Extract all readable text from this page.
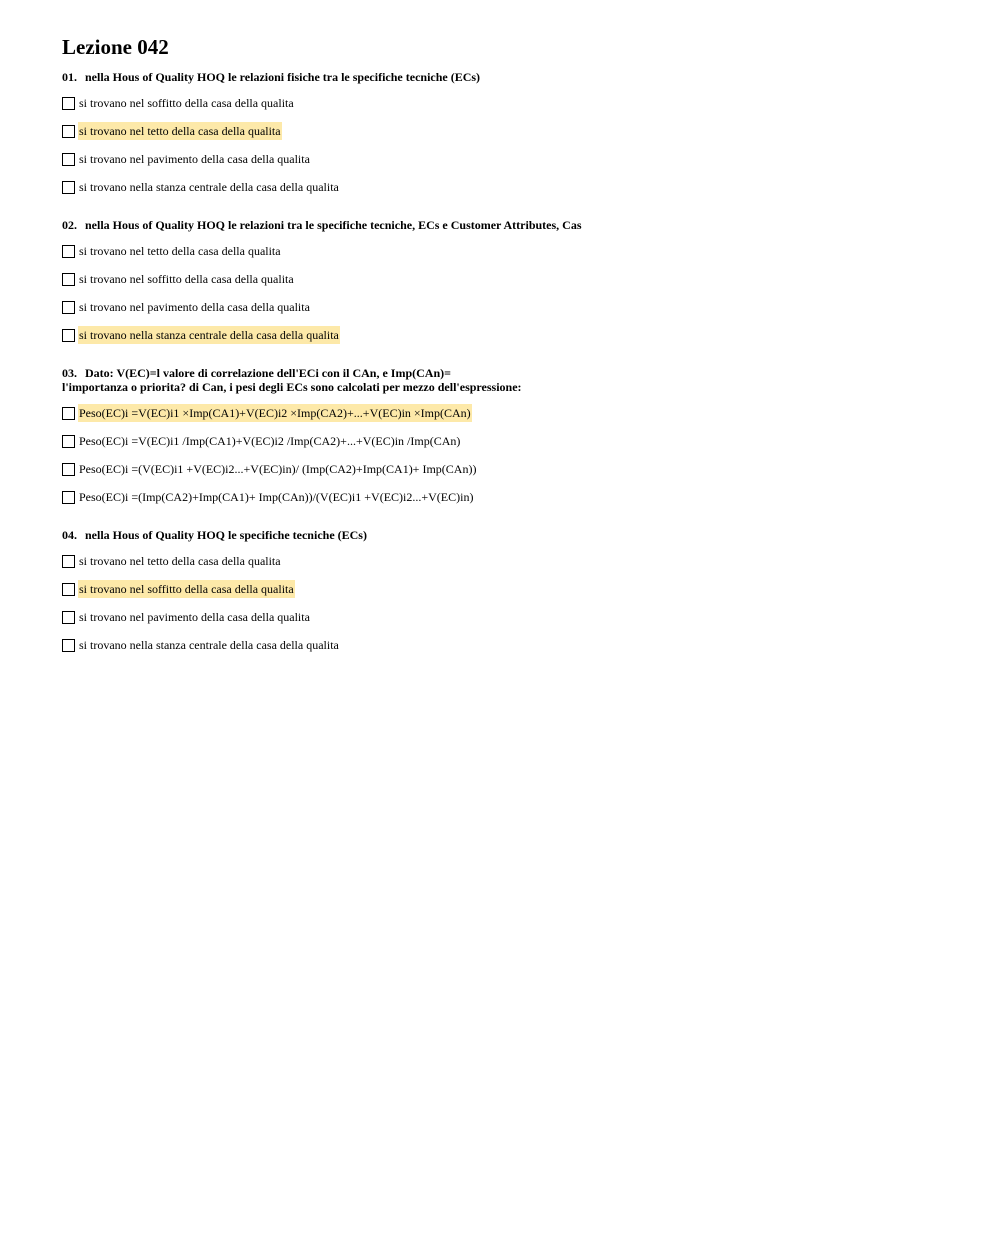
Lezione 042
01. nella Hous of Quality HOQ le relazioni fisiche tra le specifiche tecniche (ECs)
si trovano nel soffitto della casa della qualita
si trovano nel tetto della casa della qualita
si trovano nel pavimento della casa della qualita
si trovano nella stanza centrale della casa della qualita
02. nella Hous of Quality HOQ le relazioni tra le specifiche tecniche, ECs e Customer Attributes, Cas
si trovano nel tetto della casa della qualita
si trovano nel soffitto della casa della qualita
si trovano nel pavimento della casa della qualita
si trovano nella stanza centrale della casa della qualita
03. Dato: V(EC)=l valore di correlazione dell'ECi con il CAn, e Imp(CAn)=
l'importanza o priorita? di Can, i pesi degli ECs sono calcolati per mezzo dell'espressione:
Peso(EC)i =V(EC)i1 ×Imp(CA1)+V(EC)i2 ×Imp(CA2)+...+V(EC)in ×Imp(CAn)
Peso(EC)i =V(EC)i1 /Imp(CA1)+V(EC)i2 /Imp(CA2)+...+V(EC)in /Imp(CAn)
Peso(EC)i =(V(EC)i1 +V(EC)i2...+V(EC)in)/ (Imp(CA2)+Imp(CA1)+ Imp(CAn))
Peso(EC)i =(Imp(CA2)+Imp(CA1)+ Imp(CAn))/(V(EC)i1 +V(EC)i2...+V(EC)in)
04. nella Hous of Quality HOQ le specifiche tecniche (ECs)
si trovano nel tetto della casa della qualita
si trovano nel soffitto della casa della qualita
si trovano nel pavimento della casa della qualita
si trovano nella stanza centrale della casa della qualita
